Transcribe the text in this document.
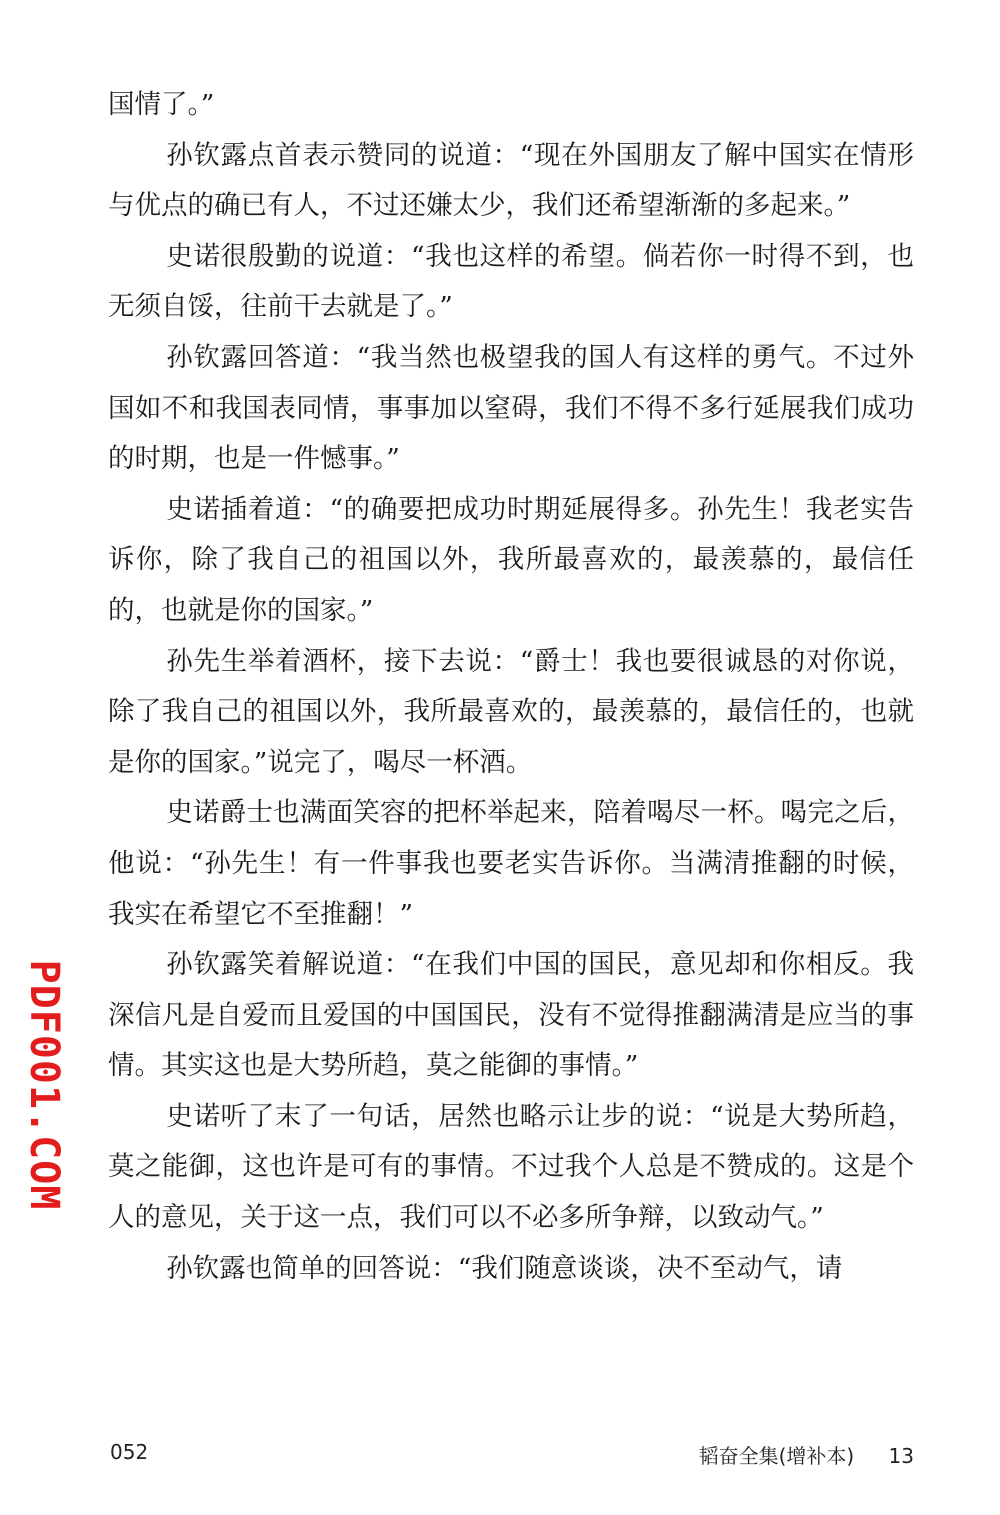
国情了。”

孙钦露点首表示赞同的说道：“现在外国朋友了解中国实在情形与优点的确已有人，不过还嫌太少，我们还希望渐渐的多起来。”

史诺很殷勤的说道：“我也这样的希望。倘若你一时得不到，也无须自馁，往前干去就是了。”

孙钦露回答道：“我当然也极望我的国人有这样的勇气。不过外国如不和我国表同情，事事加以窒碍，我们不得不多行延展我们成功的时期，也是一件憾事。”

史诺插着道：“的确要把成功时期延展得多。孙先生！我老实告诉你，除了我自己的祖国以外，我所最喜欢的，最羡慕的，最信任的，也就是你的国家。”

孙先生举着酒杯，接下去说：“爵士！我也要很诚恳的对你说，除了我自己的祖国以外，我所最喜欢的，最羡慕的，最信任的，也就是你的国家。”说完了，喝尽一杯酒。

史诺爵士也满面笑容的把杯举起来，陪着喝尽一杯。喝完之后，他说：“孙先生！有一件事我也要老实告诉你。当满清推翻的时候，我实在希望它不至推翻！”

孙钦露笑着解说道：“在我们中国的国民，意见却和你相反。我深信凡是自爱而且爱国的中国国民，没有不觉得推翻满清是应当的事情。其实这也是大势所趋，莫之能御的事情。”

史诺听了末了一句话，居然也略示让步的说：“说是大势所趋，莫之能御，这也许是可有的事情。不过我个人总是不赞成的。这是个人的意见，关于这一点，我们可以不必多所争辩，以致动气。”

孙钦露也简单的回答说：“我们随意谈谈，决不至动气，请

PDF001.COM
052	韬奋全集(增补本) 13
